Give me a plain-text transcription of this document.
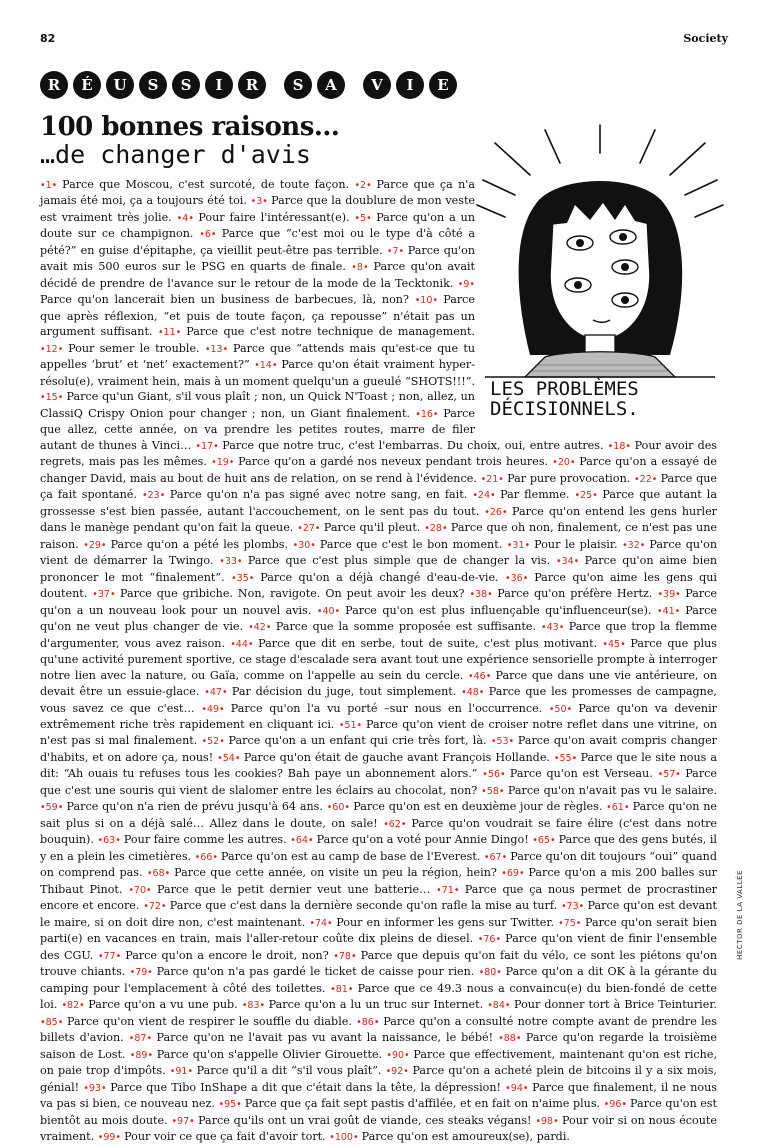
82	Society
R	É	U	S	S	I	R	S	A	V	I	E
100 bonnes raisons…
…de changer d'avis
LES PROBLÈMES
DÉCISIONNELS.
•1• Parce que Moscou, c'est surcoté, de toute façon. •2• Parce que ça n'a jamais été moi, ça a toujours été toi. •3• Parce que la doublure de mon veste est vraiment très jolie. •4• Pour faire l'intéressant(e). •5• Parce qu'on a un doute sur ce champignon. •6• Parce que “c'est moi ou le type d'à côté a pété?” en guise d'épitaphe, ça vieillit peut-être pas terrible. •7• Parce qu'on avait mis 500 euros sur le PSG en quarts de finale. •8• Parce qu'on avait décidé de prendre de l'avance sur le retour de la mode de la Tecktonik. •9• Parce qu'on lancerait bien un business de barbecues, là, non? •10• Parce que après réflexion, “et puis de toute façon, ça repousse” n'était pas un argument suffisant. •11• Parce que c'est notre technique de management. •12• Pour semer le trouble. •13• Parce que “attends mais qu'est-ce que tu appelles ‘brut’ et ‘net’ exactement?” •14• Parce qu'on était vraiment hyper-résolu(e), vraiment hein, mais à un moment quelqu'un a gueulé “SHOTS!!!”. •15• Parce qu'un Giant, s'il vous plaît ; non, un Quick N'Toast ; non, allez, un ClassiQ Crispy Onion pour changer ; non, un Giant finalement. •16• Parce que allez, cette année, on va prendre les petites routes, marre de filer autant de thunes à Vinci… •17• Parce que notre truc, c'est l'embarras. Du choix, oui, entre autres. •18• Pour avoir des regrets, mais pas les mêmes. •19• Parce qu'on a gardé nos neveux pendant trois heures. •20• Parce qu'on a essayé de changer David, mais au bout de huit ans de relation, on se rend à l'évidence. •21• Par pure provocation. •22• Parce que ça fait spontané. •23• Parce qu'on n'a pas signé avec notre sang, en fait. •24• Par flemme. •25• Parce que autant la grossesse s'est bien passée, autant l'accouchement, on le sent pas du tout. •26• Parce qu'on entend les gens hurler dans le manège pendant qu'on fait la queue. •27• Parce qu'il pleut. •28• Parce que oh non, finalement, ce n'est pas une raison. •29• Parce qu'on a pété les plombs. •30• Parce que c'est le bon moment. •31• Pour le plaisir. •32• Parce qu'on vient de démarrer la Twingo. •33• Parce que c'est plus simple que de changer la vis. •34• Parce qu'on aime bien prononcer le mot “finalement”. •35• Parce qu'on a déjà changé d'eau-de-vie. •36• Parce qu'on aime les gens qui doutent. •37• Parce que gribiche. Non, ravigote. On peut avoir les deux? •38• Parce qu'on préfère Hertz. •39• Parce qu'on a un nouveau look pour un nouvel avis. •40• Parce qu'on est plus influençable qu'influenceur(se). •41• Parce qu'on ne veut plus changer de vie. •42• Parce que la somme proposée est suffisante. •43• Parce que trop la flemme d'argumenter, vous avez raison. •44• Parce que dit en serbe, tout de suite, c'est plus motivant. •45• Parce que plus qu'une activité purement sportive, ce stage d'escalade sera avant tout une expérience sensorielle prompte à interroger notre lien avec la nature, ou Gaïa, comme on l'appelle au sein du cercle. •46• Parce que dans une vie antérieure, on devait être un essuie-glace. •47• Par décision du juge, tout simplement. •48• Parce que les promesses de campagne, vous savez ce que c'est… •49• Parce qu'on l'a vu porté –sur nous en l'occurrence. •50• Parce qu'on va devenir extrêmement riche très rapidement en cliquant ici. •51• Parce qu'on vient de croiser notre reflet dans une vitrine, on n'est pas si mal finalement. •52• Parce qu'on a un enfant qui crie très fort, là. •53• Parce qu'on avait compris changer d'habits, et on adore ça, nous! •54• Parce qu'on était de gauche avant François Hollande. •55• Parce que le site nous a dit: “Ah ouais tu refuses tous les cookies? Bah paye un abonnement alors.” •56• Parce qu'on est Verseau. •57• Parce que c'est une souris qui vient de slalomer entre les éclairs au chocolat, non? •58• Parce qu'on n'avait pas vu le salaire. •59• Parce qu'on n'a rien de prévu jusqu'à 64 ans. •60• Parce qu'on est en deuxième jour de règles. •61• Parce qu'on ne sait plus si on a déjà salé… Allez dans le doute, on sale! •62• Parce qu'on voudrait se faire élire (c'est dans notre bouquin). •63• Pour faire comme les autres. •64• Parce qu'on a voté pour Annie Dingo! •65• Parce que des gens butés, il y en a plein les cimetières. •66• Parce qu'on est au camp de base de l'Everest. •67• Parce qu'on dit toujours “oui” quand on comprend pas. •68• Parce que cette année, on visite un peu la région, hein? •69• Parce qu'on a mis 200 balles sur Thibaut Pinot. •70• Parce que le petit dernier veut une batterie… •71• Parce que ça nous permet de procrastiner encore et encore. •72• Parce que c'est dans la dernière seconde qu'on rafle la mise au turf. •73• Parce qu'on est devant le maire, si on doit dire non, c'est maintenant. •74• Pour en informer les gens sur Twitter. •75• Parce qu'on serait bien parti(e) en vacances en train, mais l'aller-retour coûte dix pleins de diesel. •76• Parce qu'on vient de finir l'ensemble des CGU. •77• Parce qu'on a encore le droit, non? •78• Parce que depuis qu'on fait du vélo, ce sont les piétons qu'on trouve chiants. •79• Parce qu'on n'a pas gardé le ticket de caisse pour rien. •80• Parce qu'on a dit OK à la gérante du camping pour l'emplacement à côté des toilettes. •81• Parce que ce 49.3 nous a convaincu(e) du bien-fondé de cette loi. •82• Parce qu'on a vu une pub. •83• Parce qu'on a lu un truc sur Internet. •84• Pour donner tort à Brice Teinturier. •85• Parce qu'on vient de respirer le souffle du diable. •86• Parce qu'on a consulté notre compte avant de prendre les billets d'avion. •87• Parce qu'on ne l'avait pas vu avant la naissance, le bébé! •88• Parce qu'on regarde la troisième saison de Lost. •89• Parce qu'on s'appelle Olivier Girouette. •90• Parce que effectivement, maintenant qu'on est riche, on paie trop d'impôts. •91• Parce qu'il a dit “s'il vous plaît”. •92• Parce qu'on a acheté plein de bitcoins il y a six mois, génial! •93• Parce que Tibo InShape a dit que c'était dans la tête, la dépression! •94• Parce que finalement, il ne nous va pas si bien, ce nouveau nez. •95• Parce que ça fait sept pastis d'affilée, et en fait on n'aime plus. •96• Parce qu'on est bientôt au mois doute. •97• Parce qu'ils ont un vrai goût de viande, ces steaks végans! •98• Pour voir si on nous écoute vraiment. •99• Pour voir ce que ça fait d'avoir tort. •100• Parce qu'on est amoureux(se), pardi.
HECTOR DE LA VALLÉE
